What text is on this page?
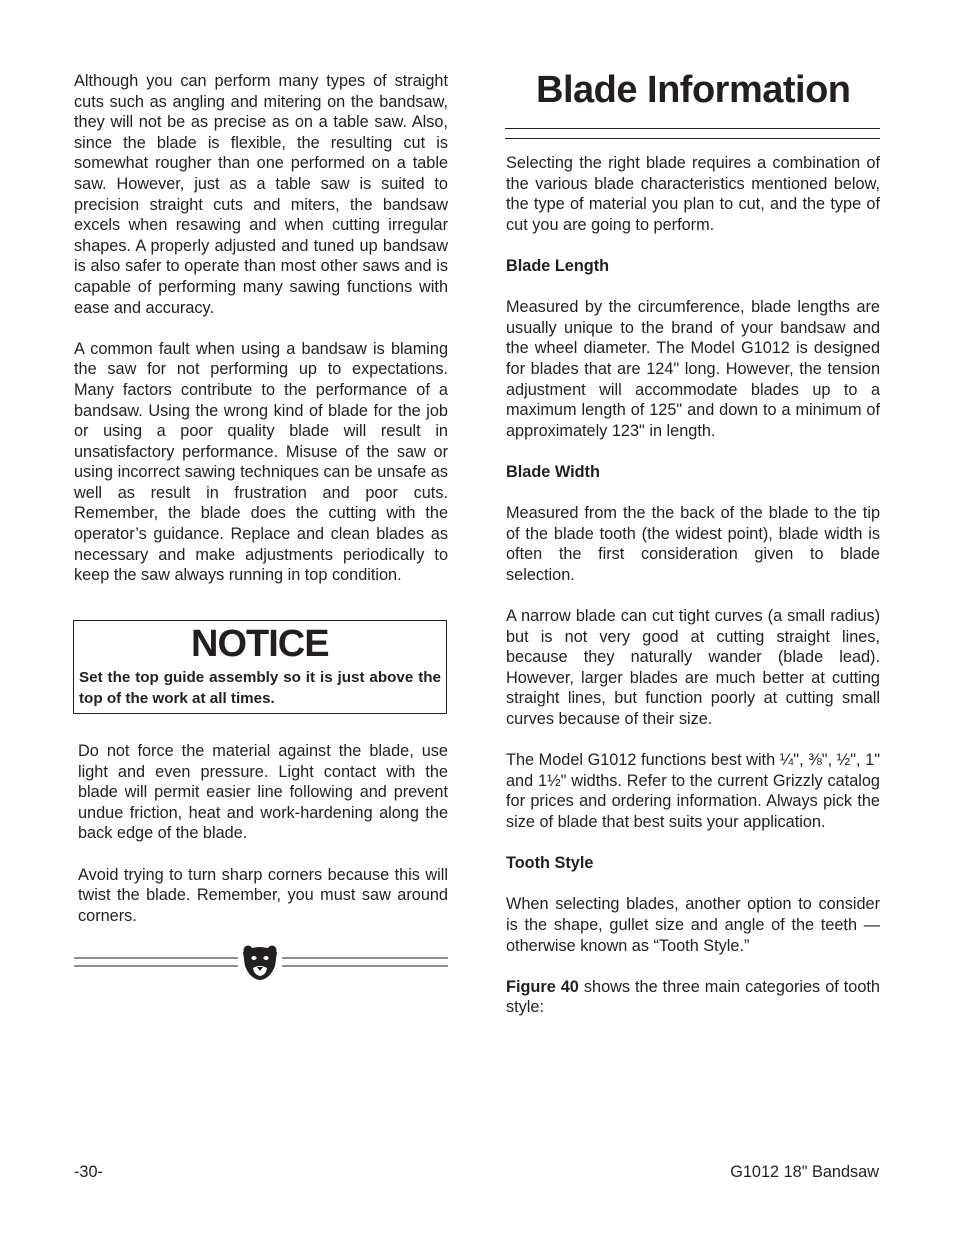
Although you can perform many types of straight cuts such as angling and mitering on the bandsaw, they will not be as precise as on a table saw. Also, since the blade is flexible, the resulting cut is somewhat rougher than one performed on a table saw. However, just as a table saw is suited to precision straight cuts and miters, the bandsaw excels when resawing and when cutting irregular shapes. A properly adjusted and tuned up bandsaw is also safer to operate than most other saws and is capable of performing many sawing functions with ease and accuracy.

A common fault when using a bandsaw is blaming the saw for not performing up to expectations. Many factors contribute to the performance of a bandsaw. Using the wrong kind of blade for the job or using a poor quality blade will result in unsatisfactory performance. Misuse of the saw or using incorrect sawing techniques can be unsafe as well as result in frustration and poor cuts. Remember, the blade does the cutting with the operator’s guidance. Replace and clean blades as necessary and make adjustments periodically to keep the saw always running in top condition.

NOTICE
Set the top guide assembly so it is just above the top of the work at all times.

Do not force the material against the blade, use light and even pressure. Light contact with the blade will permit easier line following and prevent undue friction, heat and work-hardening along the back edge of the blade.

Avoid trying to turn sharp corners because this will twist the blade. Remember, you must saw around corners.

Blade Information

Selecting the right blade requires a combination of the various blade characteristics mentioned below, the type of material you plan to cut, and the type of cut you are going to perform.

Blade Length

Measured by the circumference, blade lengths are usually unique to the brand of your bandsaw and the wheel diameter. The Model G1012 is designed for blades that are 124" long. However, the tension adjustment will accommodate blades up to a maximum length of 125" and down to a minimum of approximately 123" in length.

Blade Width

Measured from the the back of the blade to the tip of the blade tooth (the widest point), blade width is often the first consideration given to blade selection.

A narrow blade can cut tight curves (a small radius) but is not very good at cutting straight lines, because they naturally wander (blade lead). However, larger blades are much better at cutting straight lines, but function poorly at cutting small curves because of their size.

The Model G1012 functions best with ¼", ⅜", ½", 1" and 1½" widths. Refer to the current Grizzly catalog for prices and ordering information. Always pick the size of blade that best suits your application.

Tooth Style

When selecting blades, another option to consider is the shape, gullet size and angle of the teeth — otherwise known as “Tooth Style.”

Figure 40 shows the three main categories of tooth style:

-30-	G1012 18" Bandsaw
